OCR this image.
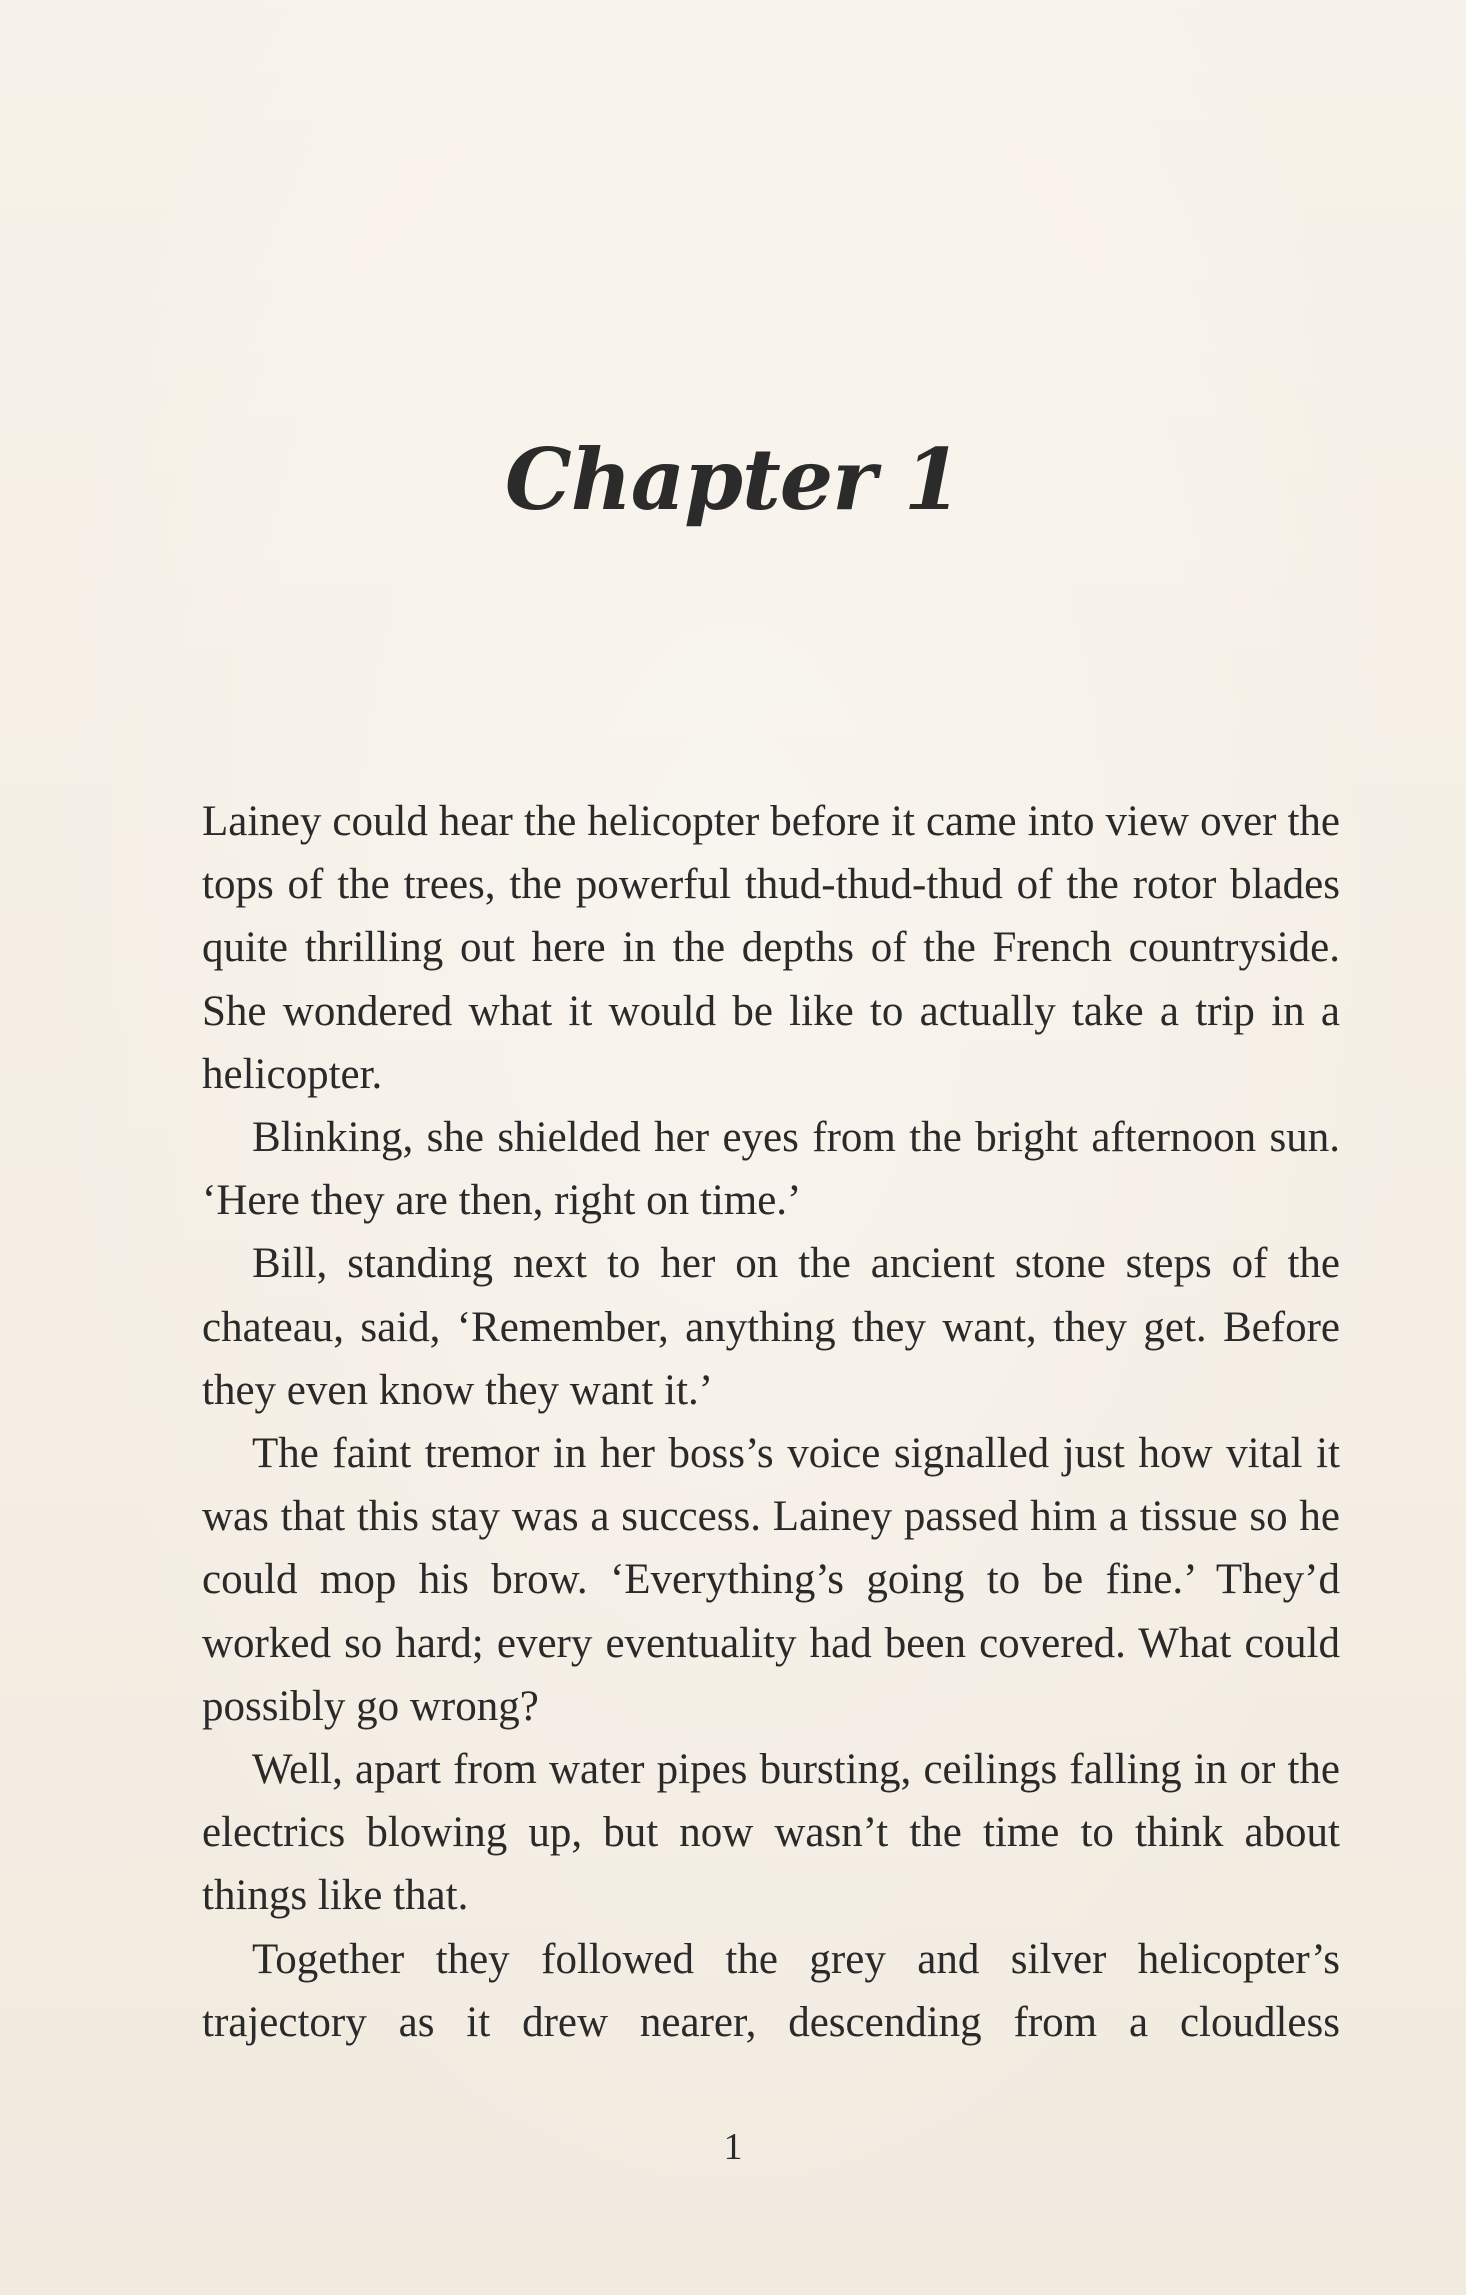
Chapter 1

Lainey could hear the helicopter before it came into view over the tops of the trees, the powerful thud-thud-thud of the rotor blades quite thrilling out here in the depths of the French countryside. She wondered what it would be like to actually take a trip in a helicopter.

Blinking, she shielded her eyes from the bright afternoon sun. ‘Here they are then, right on time.’

Bill, standing next to her on the ancient stone steps of the chateau, said, ‘Remember, anything they want, they get. Before they even know they want it.’

The faint tremor in her boss’s voice signalled just how vital it was that this stay was a success. Lainey passed him a tissue so he could mop his brow. ‘Everything’s going to be fine.’ They’d worked so hard; every eventuality had been covered. What could possibly go wrong?

Well, apart from water pipes bursting, ceilings falling in or the electrics blowing up, but now wasn’t the time to think about things like that.

Together they followed the grey and silver helicopter’s trajectory as it drew nearer, descending from a cloudless

1
